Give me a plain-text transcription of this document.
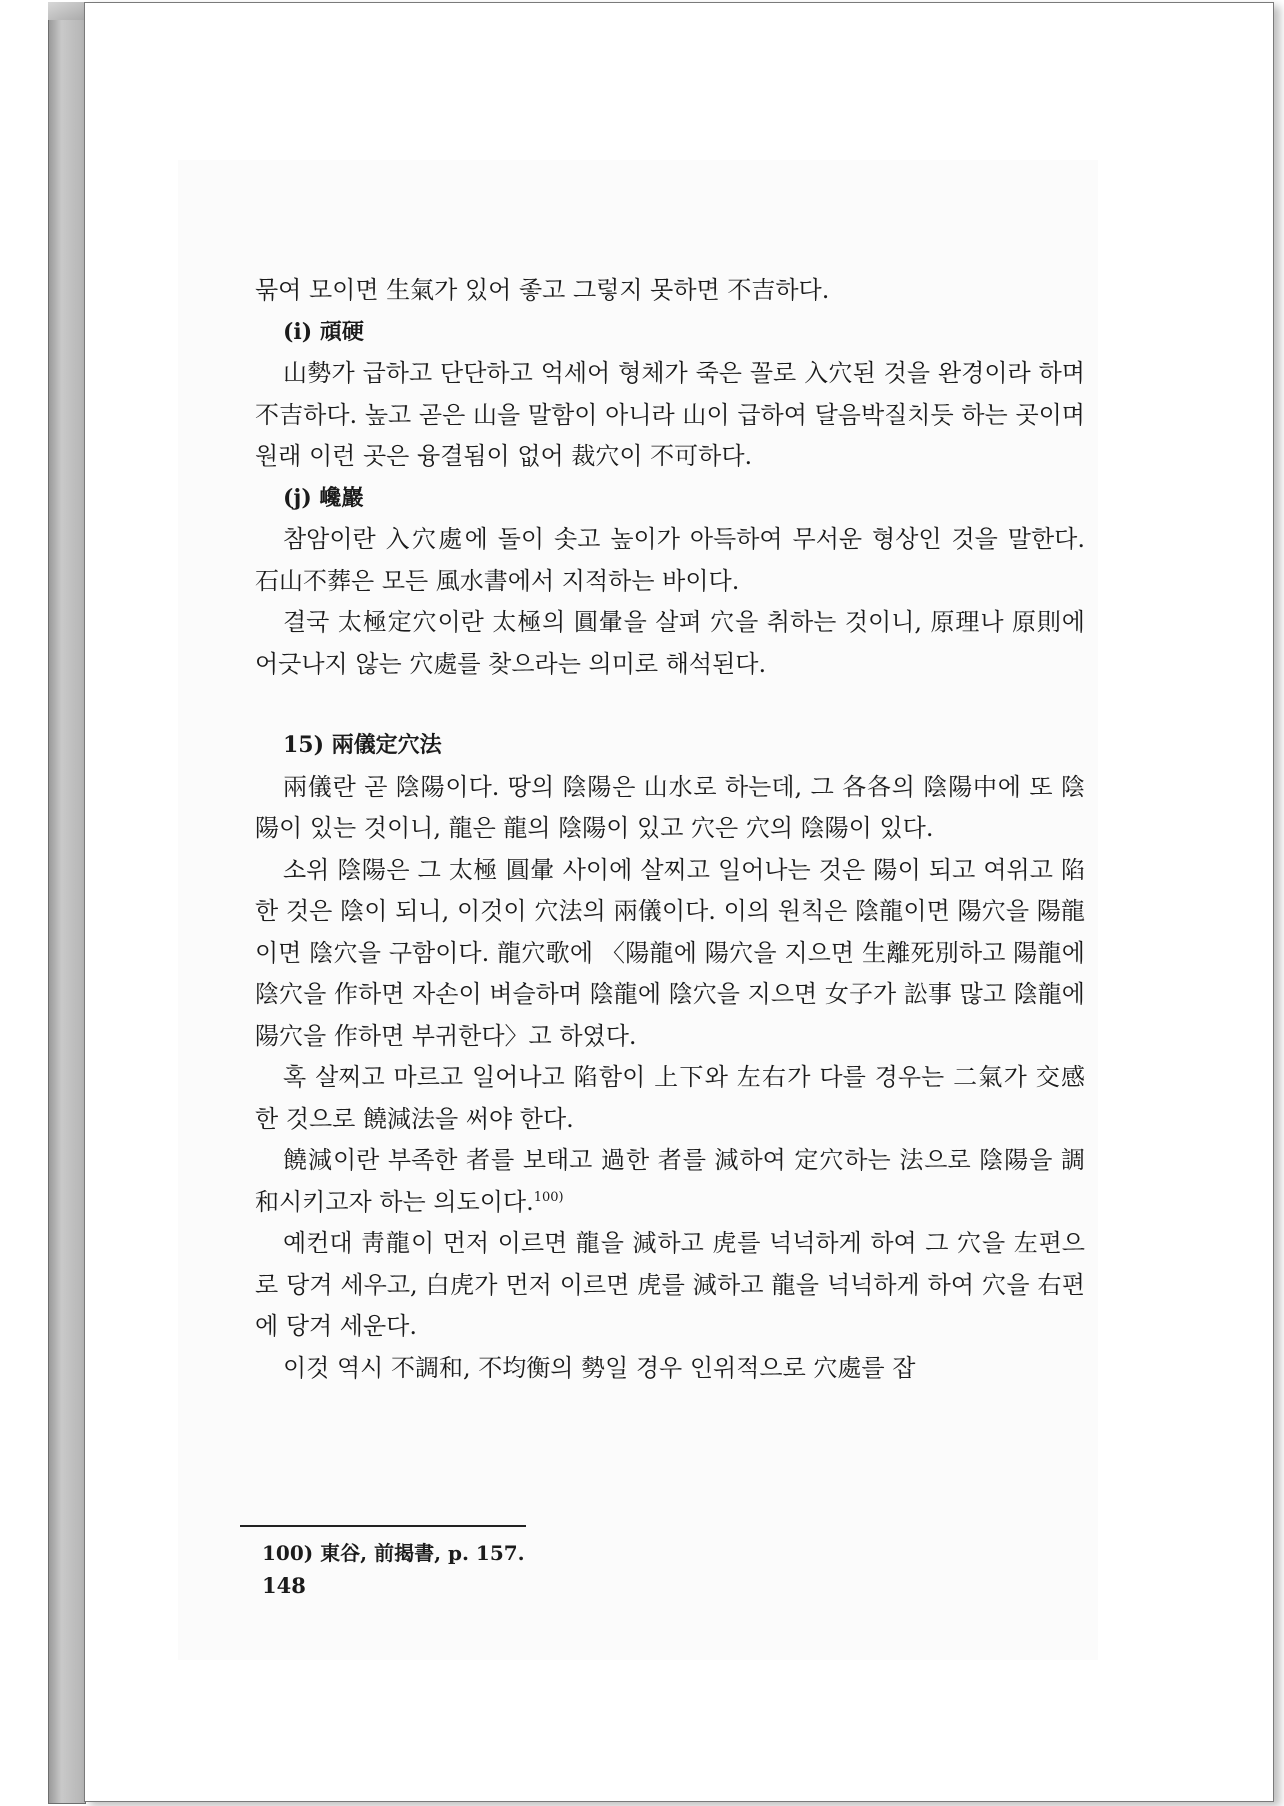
묶여 모이면 生氣가 있어 좋고 그렇지 못하면 不吉하다.

(i) 頑硬

山勢가 급하고 단단하고 억세어 형체가 죽은 꼴로 入穴된 것을 완경이라 하며 不吉하다. 높고 곧은 山을 말함이 아니라 山이 급하여 달음박질치듯 하는 곳이며 원래 이런 곳은 융결됨이 없어 裁穴이 不可하다.

(j) 巉巖

참암이란 入穴處에 돌이 솟고 높이가 아득하여 무서운 형상인 것을 말한다. 石山不葬은 모든 風水書에서 지적하는 바이다.

결국 太極定穴이란 太極의 圓暈을 살펴 穴을 취하는 것이니, 原理나 原則에 어긋나지 않는 穴處를 찾으라는 의미로 해석된다.

15) 兩儀定穴法

兩儀란 곧 陰陽이다. 땅의 陰陽은 山水로 하는데, 그 各各의 陰陽中에 또 陰陽이 있는 것이니, 龍은 龍의 陰陽이 있고 穴은 穴의 陰陽이 있다.

소위 陰陽은 그 太極 圓暈 사이에 살찌고 일어나는 것은 陽이 되고 여위고 陷한 것은 陰이 되니, 이것이 穴法의 兩儀이다. 이의 원칙은 陰龍이면 陽穴을 陽龍이면 陰穴을 구함이다. 龍穴歌에 〈陽龍에 陽穴을 지으면 生離死別하고 陽龍에 陰穴을 作하면 자손이 벼슬하며 陰龍에 陰穴을 지으면 女子가 訟事 많고 陰龍에 陽穴을 作하면 부귀한다〉고 하였다.

혹 살찌고 마르고 일어나고 陷함이 上下와 左右가 다를 경우는 二氣가 交感한 것으로 饒減法을 써야 한다.

饒減이란 부족한 者를 보태고 過한 者를 減하여 定穴하는 法으로 陰陽을 調和시키고자 하는 의도이다.$^{100)}$

예컨대 靑龍이 먼저 이르면 龍을 減하고 虎를 넉넉하게 하여 그 穴을 左편으로 당겨 세우고, 白虎가 먼저 이르면 虎를 減하고 龍을 넉넉하게 하여 穴을 右편에 당겨 세운다.

이것 역시 不調和, 不均衡의 勢일 경우 인위적으로 穴處를 잡

100) 東谷, 前揭書, p. 157.
148
